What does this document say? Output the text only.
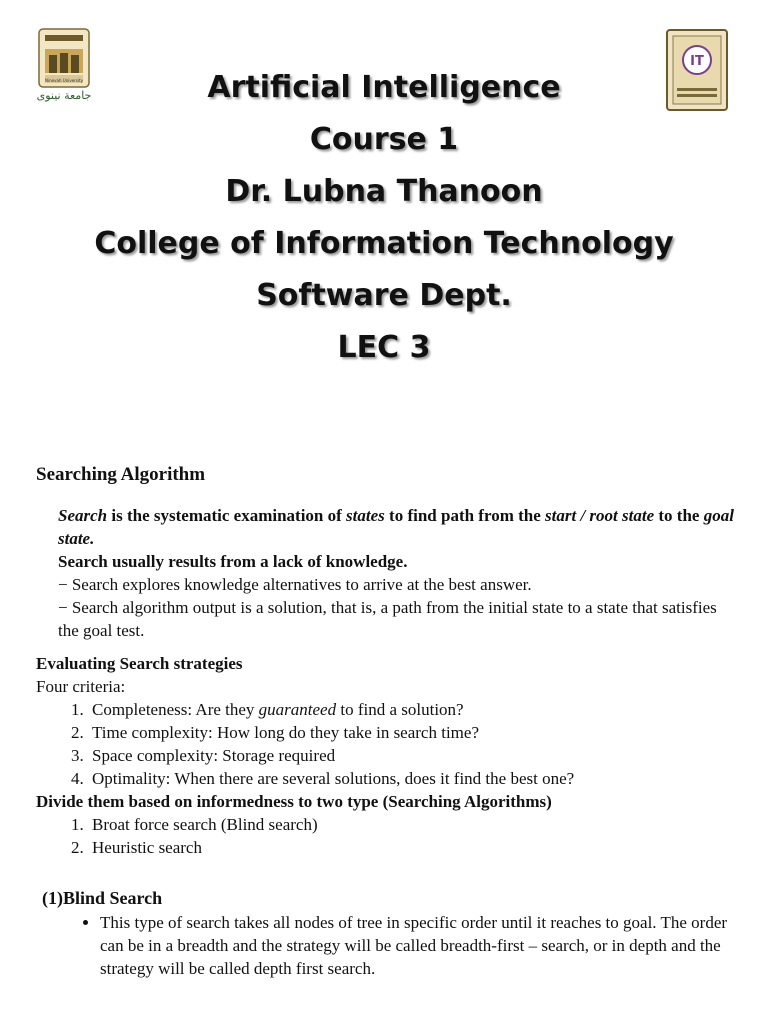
جامعة نينوى
Ninevah University
IT
Artificial Intelligence
Course 1
Dr. Lubna Thanoon
College of Information Technology
Software Dept.
LEC 3
Searching Algorithm
Search is the systematic examination of states to find path from the start / root state to the goal state.
Search usually results from a lack of knowledge.
− Search explores knowledge alternatives to arrive at the best answer.
− Search algorithm output is a solution, that is, a path from the initial state to a state that satisfies the goal test.
Evaluating Search strategies
Four criteria:
1. Completeness: Are they guaranteed to find a solution?
2. Time complexity: How long do they take in search time?
3. Space complexity: Storage required
4. Optimality: When there are several solutions, does it find the best one?
Divide them based on informedness to two type (Searching Algorithms)
1. Broat force search (Blind search)
2. Heuristic search
(1)Blind Search
• This type of search takes all nodes of tree in specific order until it reaches to goal. The order can be in a breadth and the strategy will be called breadth-first – search, or in depth and the strategy will be called depth first search.
